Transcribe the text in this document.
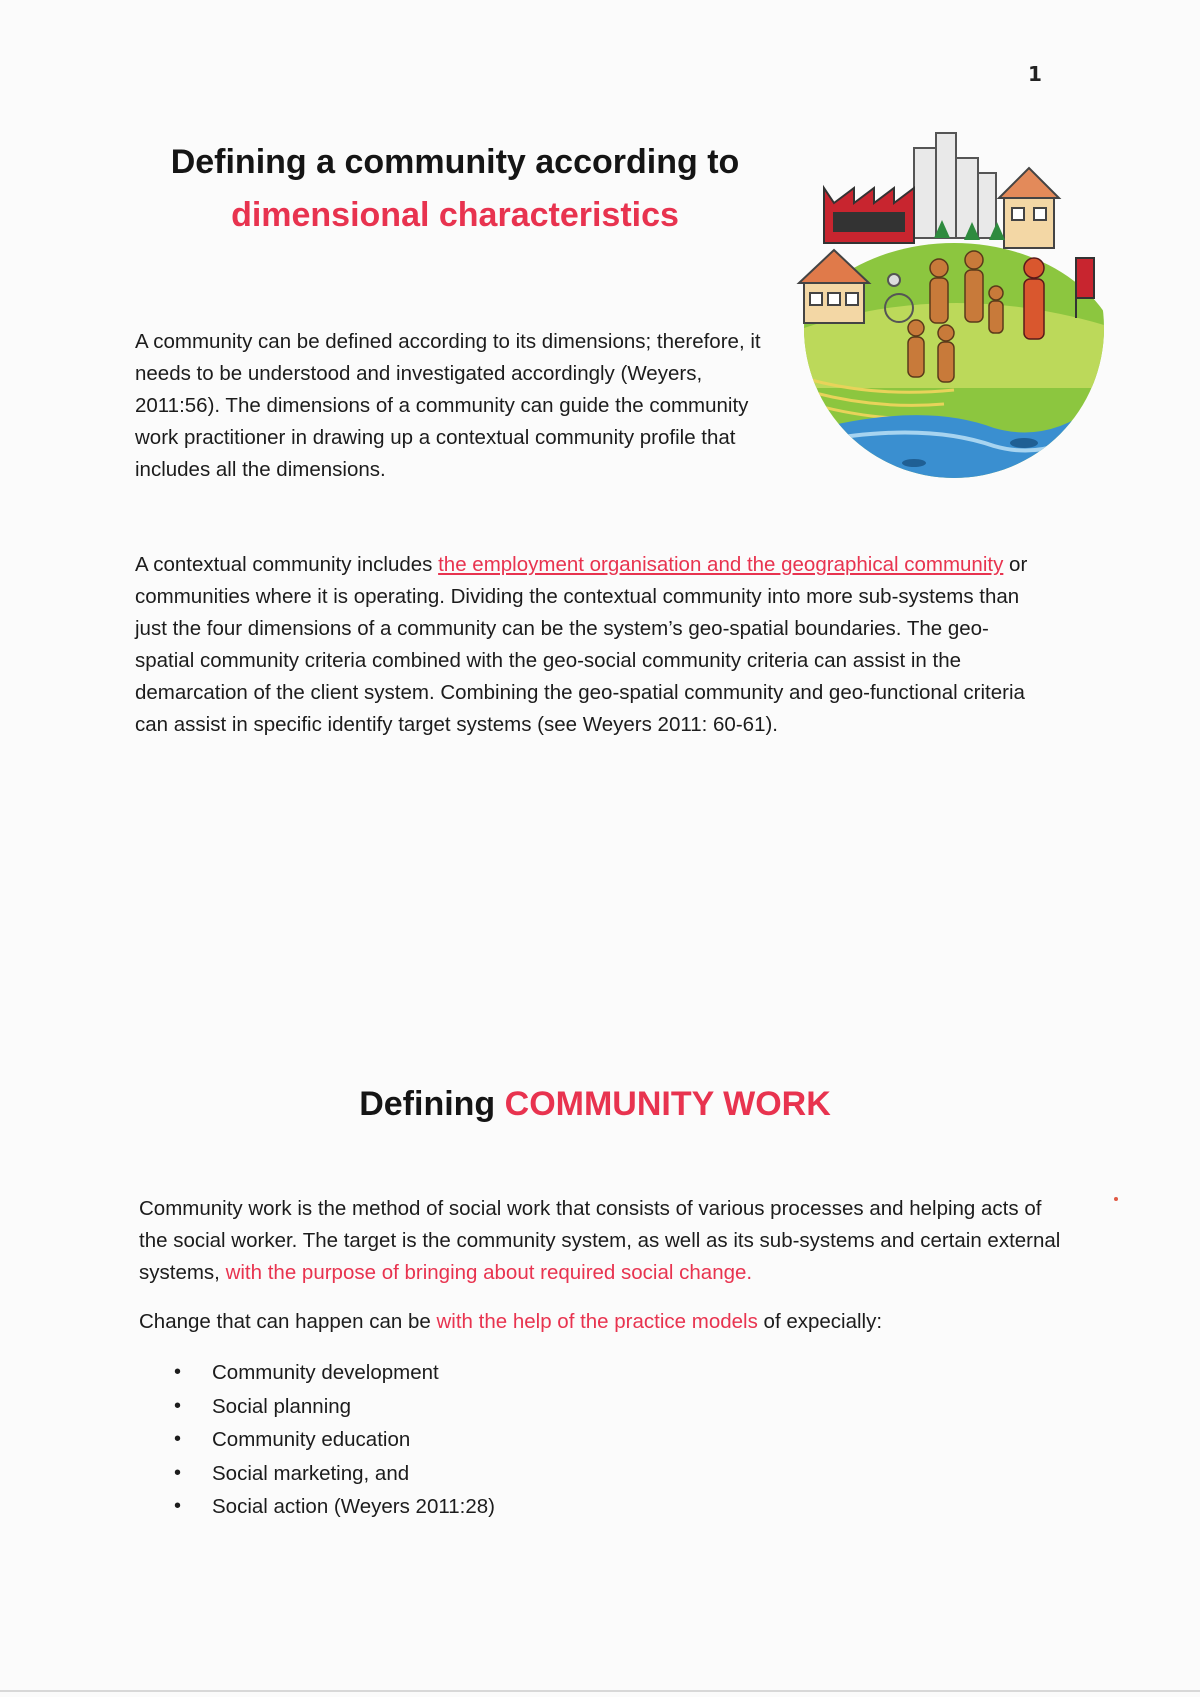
1
Defining a community according to
dimensional characteristics

A community can be defined according to its dimensions; therefore, it needs to be understood and investigated accordingly (Weyers, 2011:56). The dimensions of a community can guide the community work practitioner in drawing up a contextual community profile that includes all the dimensions.

A contextual community includes the employment organisation and the geographical community or communities where it is operating. Dividing the contextual community into more sub-systems than just the four dimensions of a community can be the system’s geo-spatial boundaries. The geo-spatial community criteria combined with the geo-social community criteria can assist in the demarcation of the client system. Combining the geo-spatial community and geo-functional criteria can assist in specific identify target systems (see Weyers 2011: 60-61).

Defining COMMUNITY WORK

Community work is the method of social work that consists of various processes and helping acts of the social worker. The target is the community system, as well as its sub-systems and certain external systems, with the purpose of bringing about required social change.

Change that can happen can be with the help of the practice models of expecially:

• Community development
• Social planning
• Community education
• Social marketing, and
• Social action (Weyers 2011:28)
